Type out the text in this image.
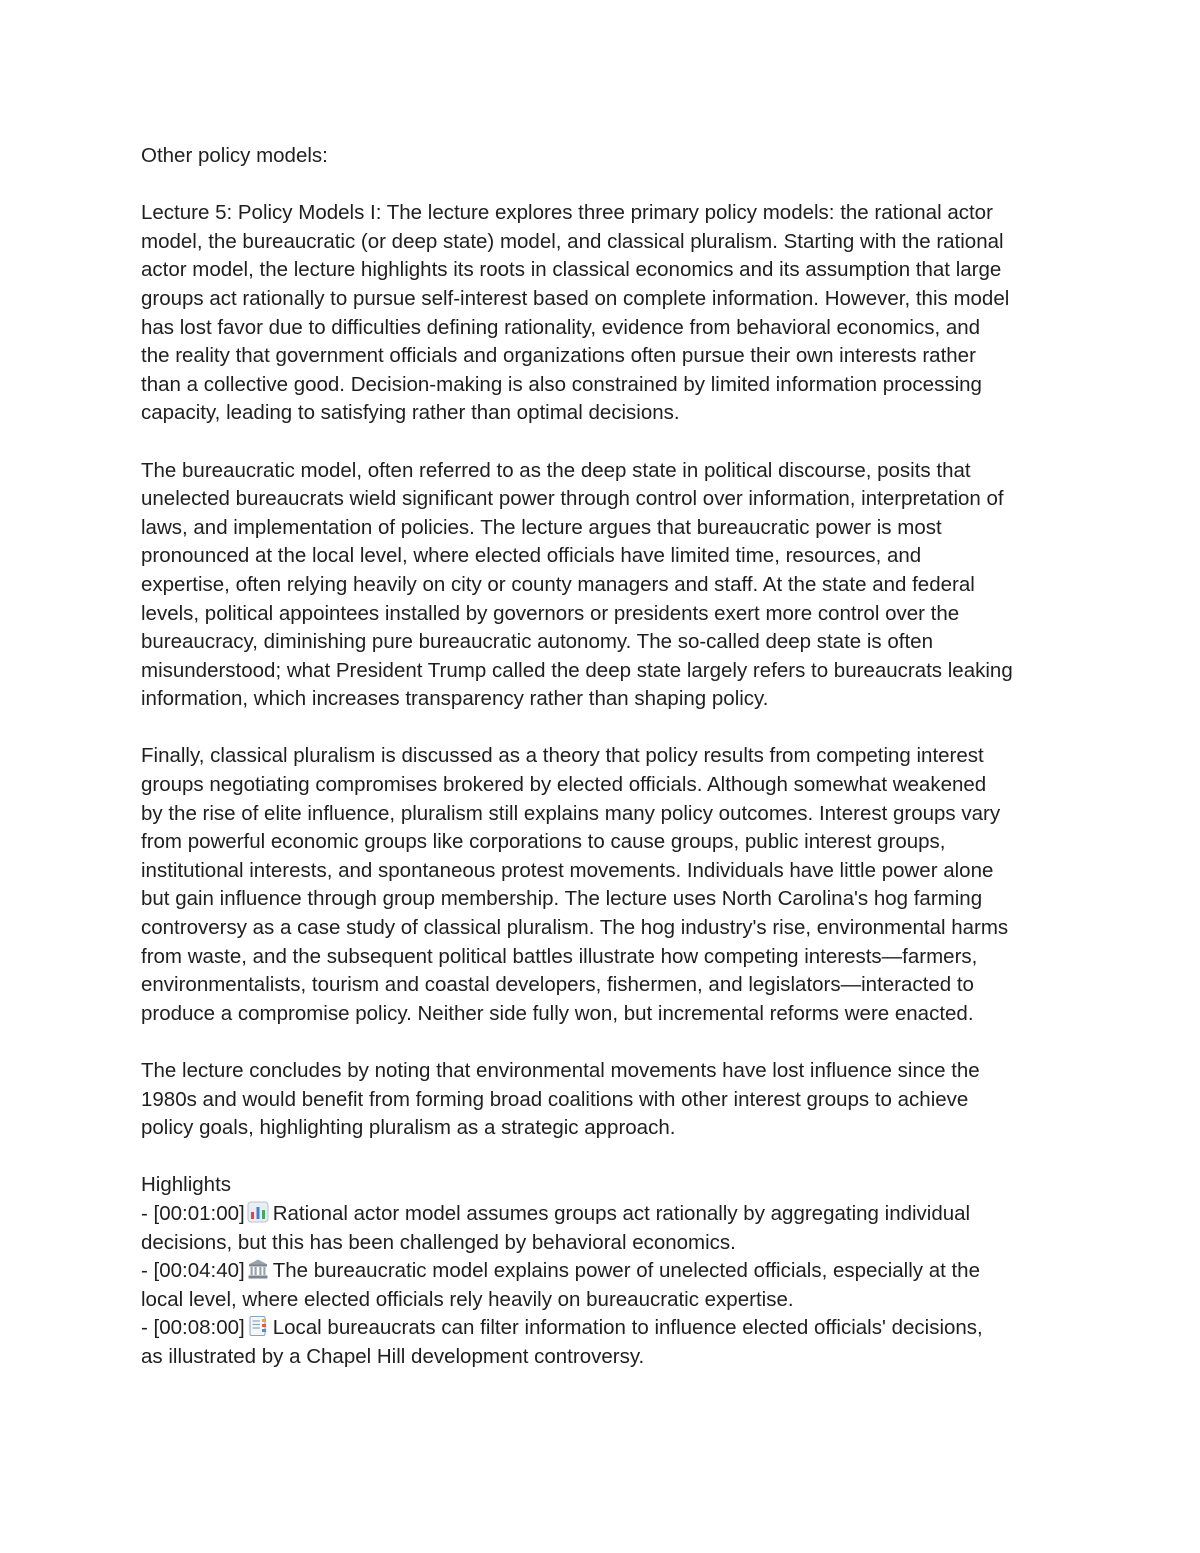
Other policy models:

Lecture 5: Policy Models I: The lecture explores three primary policy models: the rational actor
model, the bureaucratic (or deep state) model, and classical pluralism. Starting with the rational
actor model, the lecture highlights its roots in classical economics and its assumption that large
groups act rationally to pursue self-interest based on complete information. However, this model
has lost favor due to difficulties defining rationality, evidence from behavioral economics, and
the reality that government officials and organizations often pursue their own interests rather
than a collective good. Decision-making is also constrained by limited information processing
capacity, leading to satisfying rather than optimal decisions.

The bureaucratic model, often referred to as the deep state in political discourse, posits that
unelected bureaucrats wield significant power through control over information, interpretation of
laws, and implementation of policies. The lecture argues that bureaucratic power is most
pronounced at the local level, where elected officials have limited time, resources, and
expertise, often relying heavily on city or county managers and staff. At the state and federal
levels, political appointees installed by governors or presidents exert more control over the
bureaucracy, diminishing pure bureaucratic autonomy. The so-called deep state is often
misunderstood; what President Trump called the deep state largely refers to bureaucrats leaking
information, which increases transparency rather than shaping policy.

Finally, classical pluralism is discussed as a theory that policy results from competing interest
groups negotiating compromises brokered by elected officials. Although somewhat weakened
by the rise of elite influence, pluralism still explains many policy outcomes. Interest groups vary
from powerful economic groups like corporations to cause groups, public interest groups,
institutional interests, and spontaneous protest movements. Individuals have little power alone
but gain influence through group membership. The lecture uses North Carolina's hog farming
controversy as a case study of classical pluralism. The hog industry's rise, environmental harms
from waste, and the subsequent political battles illustrate how competing interests—farmers,
environmentalists, tourism and coastal developers, fishermen, and legislators—interacted to
produce a compromise policy. Neither side fully won, but incremental reforms were enacted.

The lecture concludes by noting that environmental movements have lost influence since the
1980s and would benefit from forming broad coalitions with other interest groups to achieve
policy goals, highlighting pluralism as a strategic approach.

Highlights
- [00:01:00] Rational actor model assumes groups act rationally by aggregating individual
decisions, but this has been challenged by behavioral economics.
- [00:04:40] The bureaucratic model explains power of unelected officials, especially at the
local level, where elected officials rely heavily on bureaucratic expertise.
- [00:08:00] Local bureaucrats can filter information to influence elected officials' decisions,
as illustrated by a Chapel Hill development controversy.
